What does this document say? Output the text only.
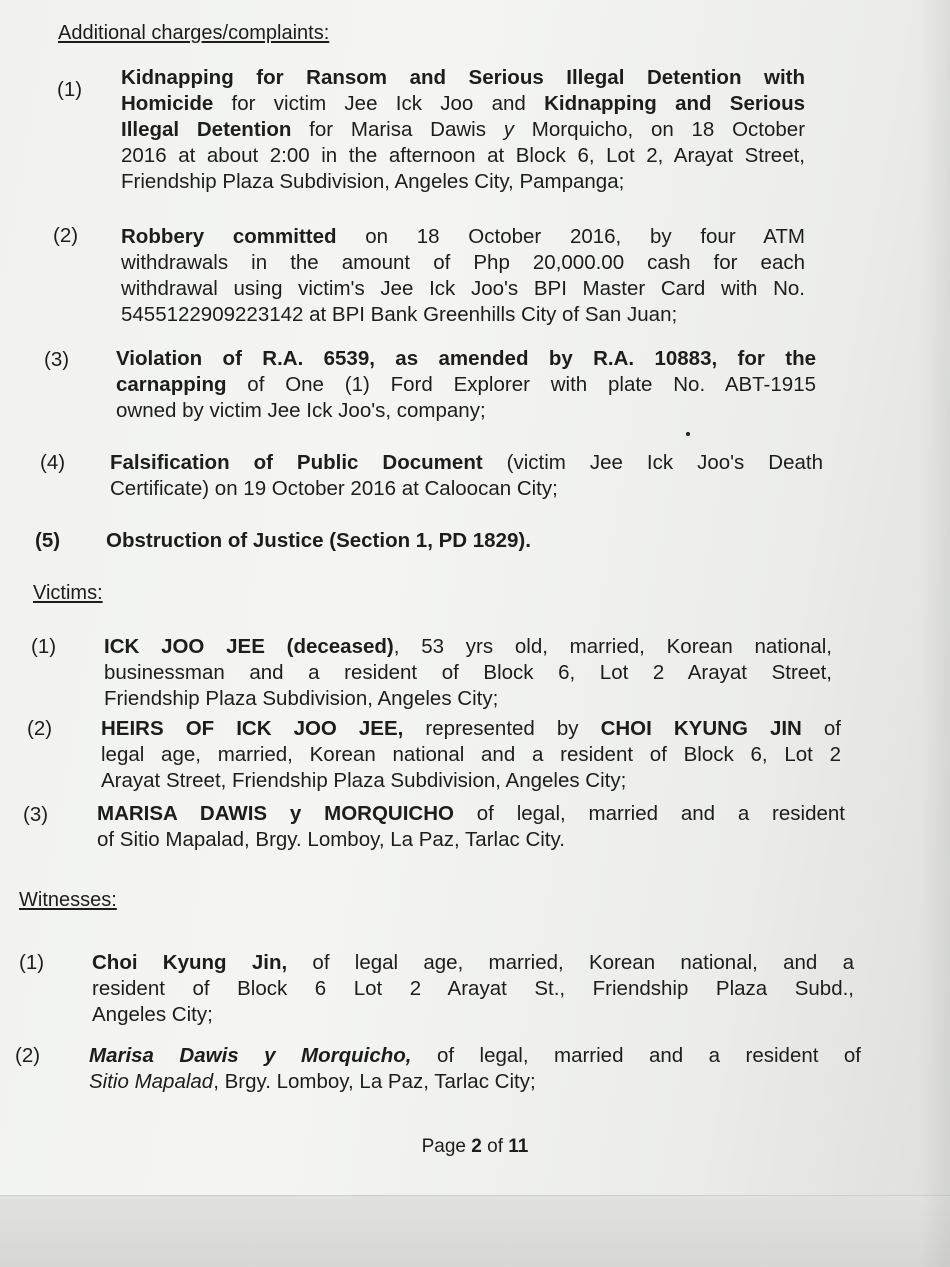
Additional charges/complaints:
(1)
Kidnapping for Ransom and Serious Illegal Detention with
Homicide for victim Jee Ick Joo and Kidnapping and Serious
Illegal Detention for Marisa Dawis y Morquicho, on 18 October
2016 at about 2:00 in the afternoon at Block 6, Lot 2, Arayat Street,
Friendship Plaza Subdivision, Angeles City, Pampanga;
(2) Robbery committed on 18 October 2016, by four ATM
withdrawals in the amount of Php 20,000.00 cash for each
withdrawal using victim's Jee Ick Joo's BPI Master Card with No.
5455122909223142 at BPI Bank Greenhills City of San Juan;
(3) Violation of R.A. 6539, as amended by R.A. 10883, for the
carnapping of One (1) Ford Explorer with plate No. ABT-1915
owned by victim Jee Ick Joo's, company;
(4) Falsification of Public Document (victim Jee Ick Joo's Death
Certificate) on 19 October 2016 at Caloocan City;
(5) Obstruction of Justice (Section 1, PD 1829).
Victims:
(1) ICK JOO JEE (deceased), 53 yrs old, married, Korean national,
businessman and a resident of Block 6, Lot 2 Arayat Street,
Friendship Plaza Subdivision, Angeles City;
(2) HEIRS OF ICK JOO JEE, represented by CHOI KYUNG JIN of
legal age, married, Korean national and a resident of Block 6, Lot 2
Arayat Street, Friendship Plaza Subdivision, Angeles City;
(3) MARISA DAWIS y MORQUICHO of legal, married and a resident
of Sitio Mapalad, Brgy. Lomboy, La Paz, Tarlac City.
Witnesses:
(1) Choi Kyung Jin, of legal age, married, Korean national, and a
resident of Block 6 Lot 2 Arayat St., Friendship Plaza Subd.,
Angeles City;
(2) Marisa Dawis y Morquicho, of legal, married and a resident of
Sitio Mapalad, Brgy. Lomboy, La Paz, Tarlac City;
Page 2 of 11
